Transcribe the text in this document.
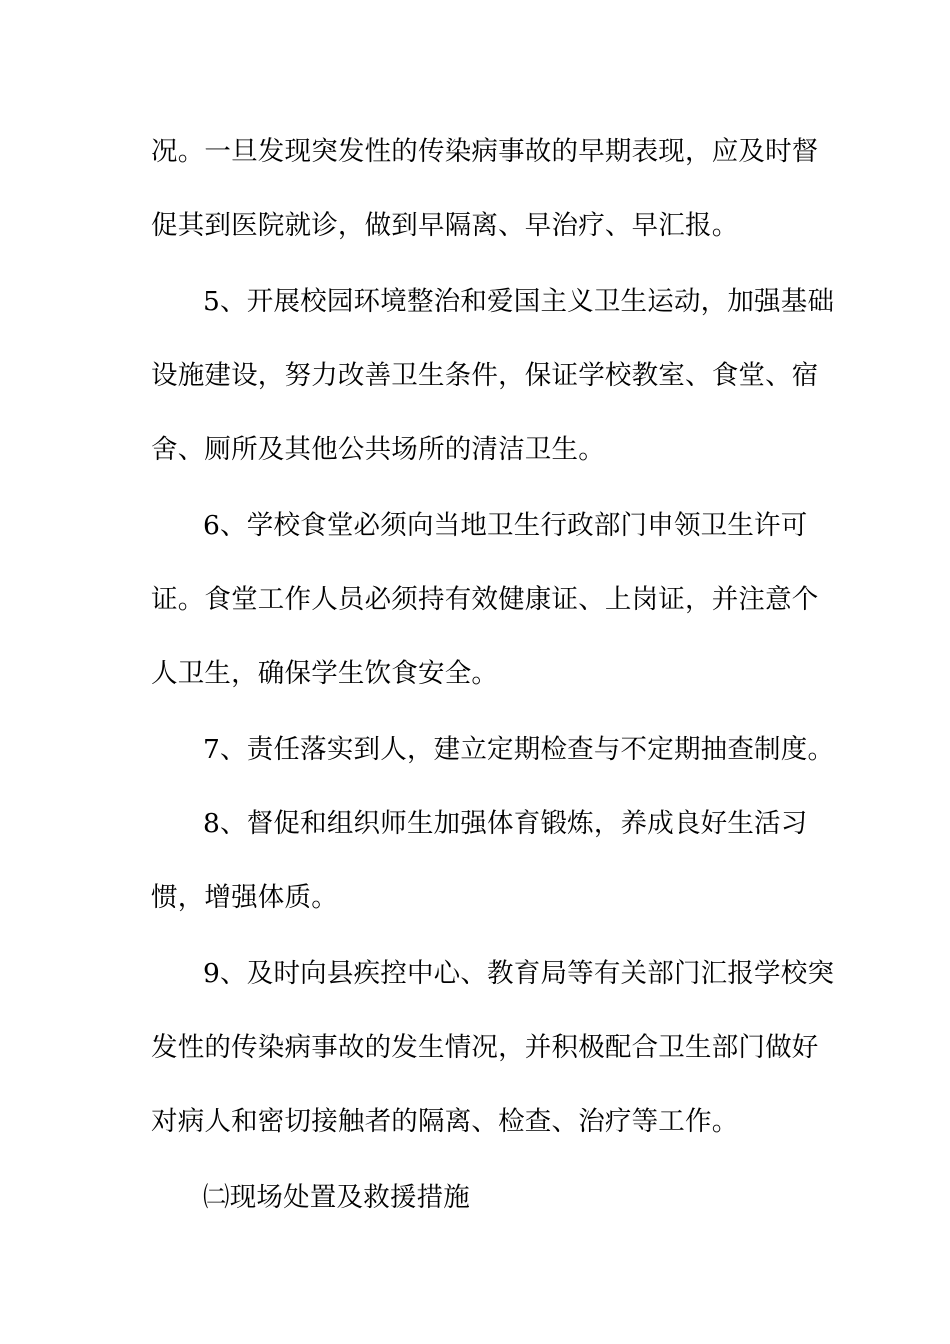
况。一旦发现突发性的传染病事故的早期表现，应及时督
促其到医院就诊，做到早隔离、早治疗、早汇报。
5、开展校园环境整治和爱国主义卫生运动，加强基础
设施建设，努力改善卫生条件，保证学校教室、食堂、宿
舍、厕所及其他公共场所的清洁卫生。
6、学校食堂必须向当地卫生行政部门申领卫生许可
证。食堂工作人员必须持有效健康证、上岗证，并注意个
人卫生，确保学生饮食安全。
7、责任落实到人，建立定期检查与不定期抽查制度。
8、督促和组织师生加强体育锻炼，养成良好生活习
惯，增强体质。
9、及时向县疾控中心、教育局等有关部门汇报学校突
发性的传染病事故的发生情况，并积极配合卫生部门做好
对病人和密切接触者的隔离、检查、治疗等工作。
㈡现场处置及救援措施
